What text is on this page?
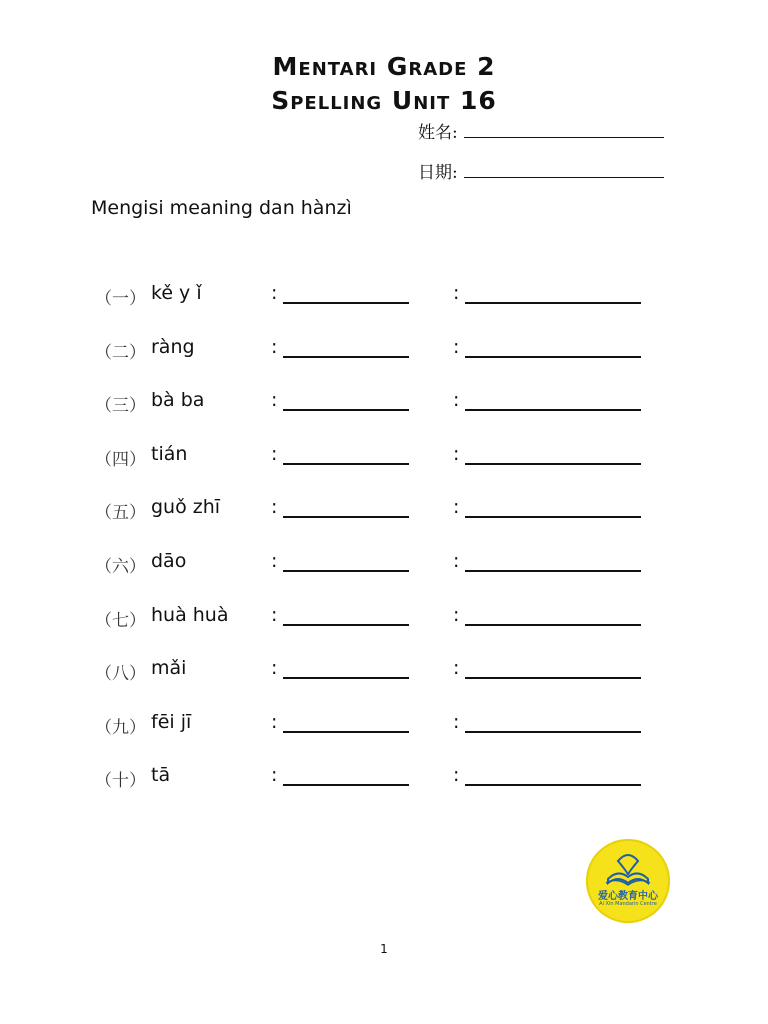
Mentari Grade 2
Spelling Unit 16
姓名:
日期:
Mengisi meaning dan hànzì
（一） kě y ǐ	:	:
（二） ràng	:	:
（三） bà ba	:	:
（四） tián	:	:
（五） guǒ zhī	:	:
（六） dāo	:	:
（七） huà huà :	:
（八） mǎi	:	:
（九） fēi jī	:	:
（十） tā	:	:
爱心教育中心
Ai Xin Mandarin Centre
1
